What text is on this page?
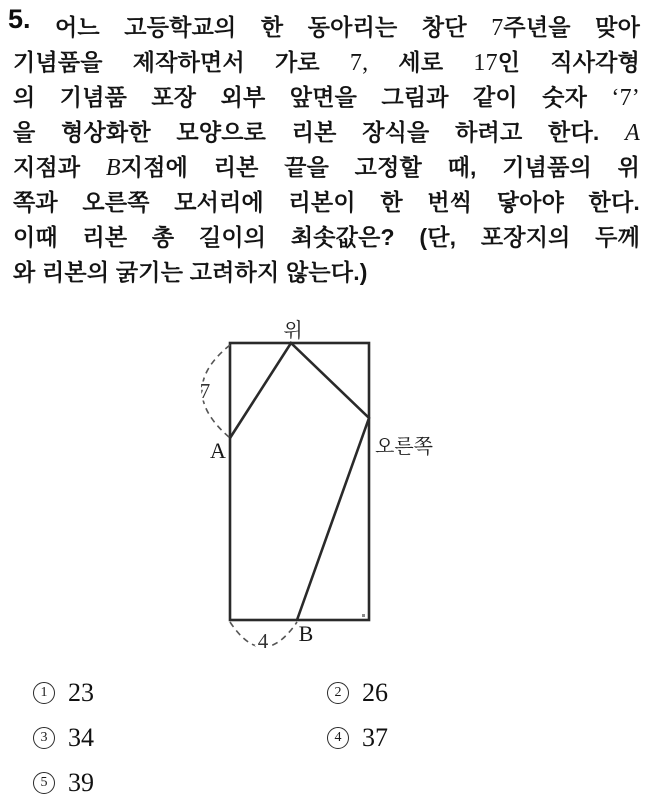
5.	어느 고등학교의 한 동아리는 창단 7주년을 맞아
기념품을 제작하면서 가로 7, 세로 17인 직사각형
의 기념품 포장 외부 앞면을 그림과 같이 숫자 ‘7’
을 형상화한 모양으로 리본 장식을 하려고 한다. A
지점과 B지점에 리본 끝을 고정할 때, 기념품의 위
쪽과 오른쪽 모서리에 리본이 한 번씩 닿아야 한다.
이때 리본 총 길이의 최솟값은? (단, 포장지의 두께
와 리본의 굵기는 고려하지 않는다.)
위
오른쪽
A
B
7
4
1 23	2 26
3 34	4 37
5 39
